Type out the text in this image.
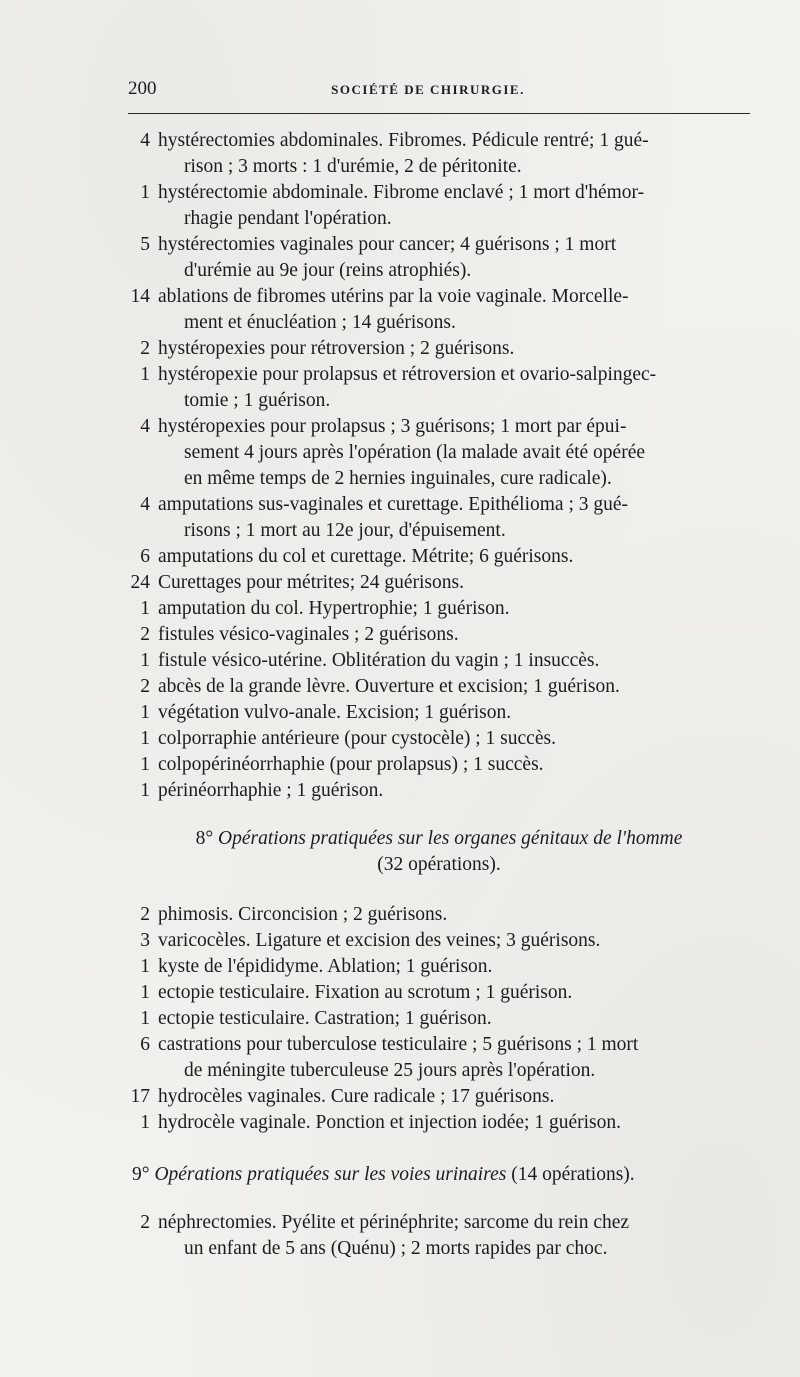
200	SOCIÉTÉ DE CHIRURGIE.

4 hystérectomies abdominales. Fibromes. Pédicule rentré; 1 gué-
rison ; 3 morts : 1 d'urémie, 2 de péritonite.

1 hystérectomie abdominale. Fibrome enclavé ; 1 mort d'hémor-
rhagie pendant l'opération.

5 hystérectomies vaginales pour cancer; 4 guérisons ; 1 mort
d'urémie au 9e jour (reins atrophiés).

14 ablations de fibromes utérins par la voie vaginale. Morcelle-
ment et énucléation ; 14 guérisons.

2 hystéropexies pour rétroversion ; 2 guérisons.

1 hystéropexie pour prolapsus et rétroversion et ovario-salpingec-
tomie ; 1 guérison.

4 hystéropexies pour prolapsus ; 3 guérisons; 1 mort par épui-
sement 4 jours après l'opération (la malade avait été opérée
en même temps de 2 hernies inguinales, cure radicale).

4 amputations sus-vaginales et curettage. Epithélioma ; 3 gué-
risons ; 1 mort au 12e jour, d'épuisement.

6 amputations du col et curettage. Métrite; 6 guérisons.

24 Curettages pour métrites; 24 guérisons.

1 amputation du col. Hypertrophie; 1 guérison.

2 fistules vésico-vaginales ; 2 guérisons.

1 fistule vésico-utérine. Oblitération du vagin ; 1 insuccès.

2 abcès de la grande lèvre. Ouverture et excision; 1 guérison.

1 végétation vulvo-anale. Excision; 1 guérison.

1 colporraphie antérieure (pour cystocèle) ; 1 succès.

1 colpopérinéorrhaphie (pour prolapsus) ; 1 succès.

1 périnéorrhaphie ; 1 guérison.

8° Opérations pratiquées sur les organes génitaux de l'homme
(32 opérations).

2 phimosis. Circoncision ; 2 guérisons.

3 varicocèles. Ligature et excision des veines; 3 guérisons.

1 kyste de l'épididyme. Ablation; 1 guérison.

1 ectopie testiculaire. Fixation au scrotum ; 1 guérison.

1 ectopie testiculaire. Castration; 1 guérison.

6 castrations pour tuberculose testiculaire ; 5 guérisons ; 1 mort
de méningite tuberculeuse 25 jours après l'opération.

17 hydrocèles vaginales. Cure radicale ; 17 guérisons.

1 hydrocèle vaginale. Ponction et injection iodée; 1 guérison.

9° Opérations pratiquées sur les voies urinaires (14 opérations).

2 néphrectomies. Pyélite et périnéphrite; sarcome du rein chez
un enfant de 5 ans (Quénu) ; 2 morts rapides par choc.
